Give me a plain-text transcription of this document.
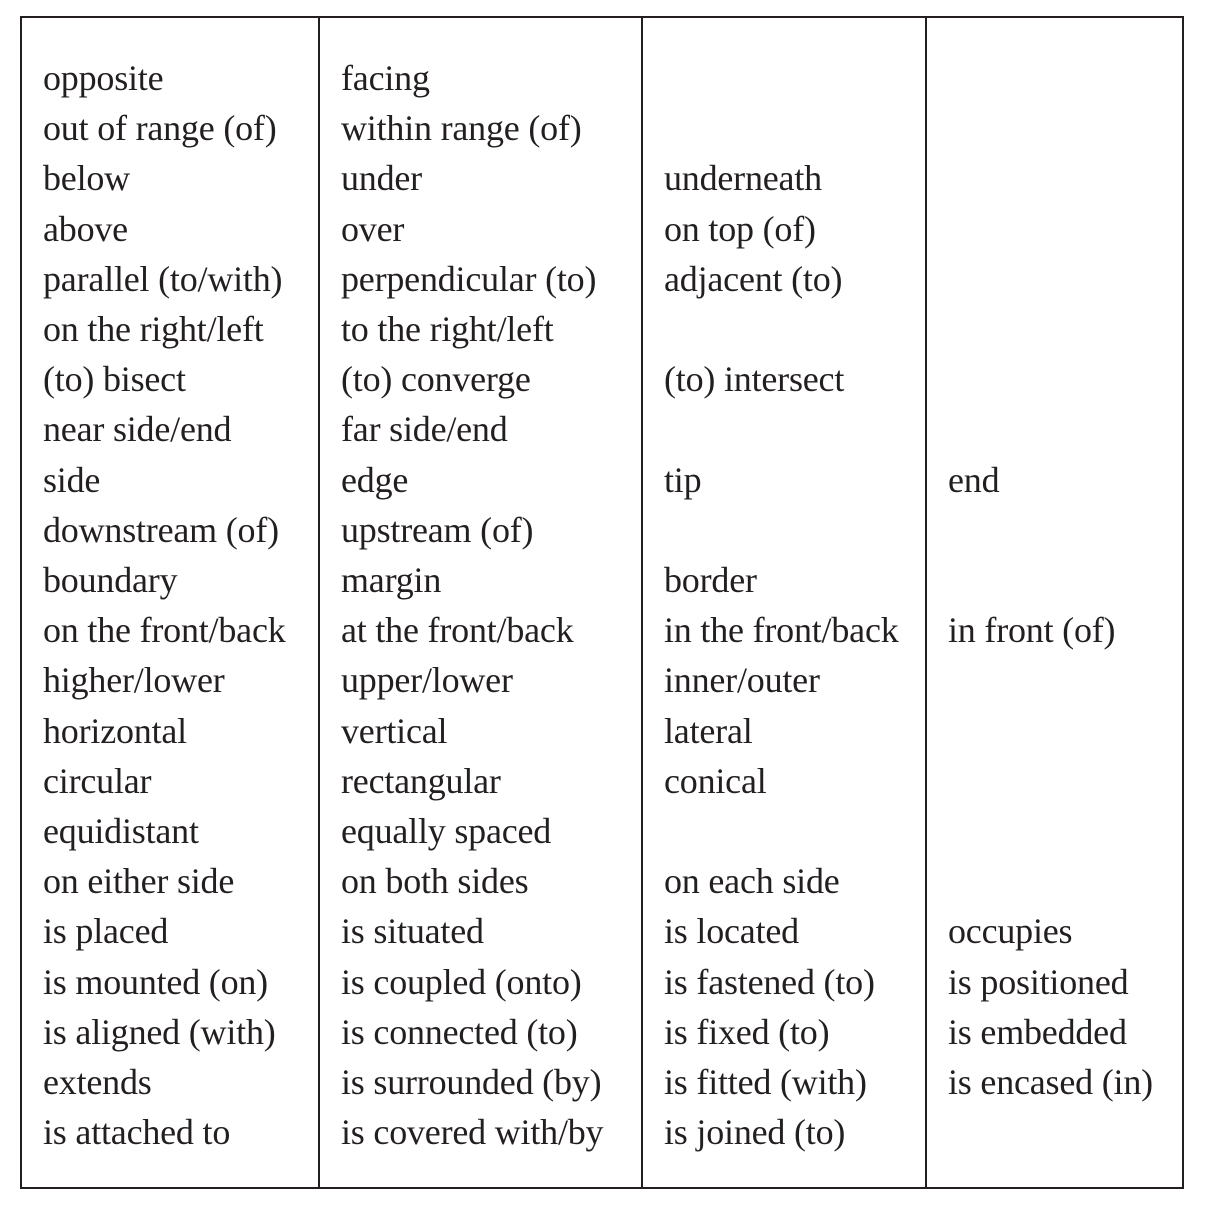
opposite
out of range (of)
below
above
parallel (to/with)
on the right/left
(to) bisect
near side/end
side
downstream (of)
boundary
on the front/back
higher/lower
horizontal
circular
equidistant
on either side
is placed
is mounted (on)
is aligned (with)
extends
is attached to
facing
within range (of)
under
over
perpendicular (to)
to the right/left
(to) converge
far side/end
edge
upstream (of)
margin
at the front/back
upper/lower
vertical
rectangular
equally spaced
on both sides
is situated
is coupled (onto)
is connected (to)
is surrounded (by)
is covered with/by
underneath
on top (of)
adjacent (to)
(to) intersect
tip
border
in the front/back
inner/outer
lateral
conical
on each side
is located
is fastened (to)
is fixed (to)
is fitted (with)
is joined (to)
end
in front (of)
occupies
is positioned
is embedded
is encased (in)
